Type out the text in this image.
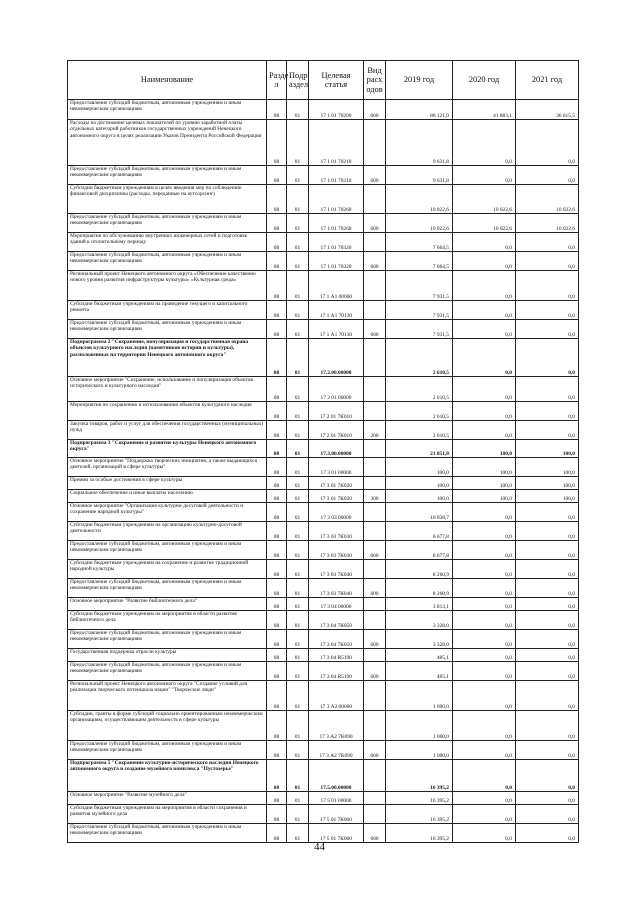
Наименование	Разде л	Подр аздел	Целевая статья	Вид расх одов	2019 год	2020 год	2021 год
Предоставление субсидий бюджетным, автономным учреждениям и иным некоммерческим организациям	08	01	17 1 01 70200	600	86 121,0	41 883,1	36 615,5
Расходы на достижение целевых показателей по уровню заработной платы отдельных категорий работников государственных учреждений Ненецкого автономного округа в целях реализации Указов Президента Российской Федерации	08	01	17 1 01 70210		9 631,8	0,0	0,0
Предоставление субсидий бюджетным, автономным учреждениям и иным некоммерческим организациям	08	01	17 1 01 70210	600	9 631,8	0,0	0,0
Субсидии бюджетным учреждениям в целях введения мер по соблюдению финансовой дисциплины (расходы, переданные на аутсорсинг)	08	01	17 1 01 70260		10 022,6	10 022,6	10 022,6
Предоставление субсидий бюджетным, автономным учреждениям и иным некоммерческим организациям	08	01	17 1 01 70260	600	10 022,6	10 022,6	10 022,6
Мероприятия по обслуживанию внутренних инженерных сетей и подготовке зданий к отопительному периоду	08	01	17 1 01 70320		7 664,5	0,0	0,0
Предоставление субсидий бюджетным, автономным учреждениям и иным некоммерческим организациям	08	01	17 1 01 70320	600	7 664,5	0,0	0,0
Региональный проект Ненецкого автономного округа «Обеспечение качественно нового уровня развития инфраструктуры культуры» «Культурная среда»	08	01	17 1 А1 00000		7 931,5	0,0	0,0
Субсидии бюджетным учреждениям на проведение текущего и капитального ремонта	08	01	17 1 А1 70130		7 931,5	0,0	0,0
Предоставление субсидий бюджетным, автономным учреждениям и иным некоммерческим организациям	08	01	17 1 А1 70130	600	7 931,5	0,0	0,0
Подпрограмма 2 "Сохранение, популяризация и государственная охрана объектов культурного наследия (памятников истории и культуры), расположенных на территории Ненецкого автономного округа"	08	01	17.2.00.00000		2 610,5	0,0	0,0
Основное мероприятие "Сохранение, использование и популяризация объектов исторического и культурного наследия"	08	01	17 2 01 00000		2 610,5	0,0	0,0
Мероприятия по сохранению и использованию объектов культурного наследия	08	01	17 2 01 7К010		2 610,5	0,0	0,0
Закупка товаров, работ и услуг для обеспечения государственных (муниципальных) нужд	08	01	17 2 01 7К010	200	2 610,5	0,0	0,0
Подпрограмма 3 "Сохранение и развитие культуры Ненецкого автономного округа"	08	01	17.3.00.00000		21 851,8	100,0	100,0
Основное мероприятие "Поддержка творческих инициатив, а также выдающихся деятелей, организаций в сфере культуры"	08	01	17 3 01 00000		100,0	100,0	100,0
Премии за особые достижения в сфере культуры	08	01	17 3 01 7К020		100,0	100,0	100,0
Социальное обеспечение и иные выплаты населению	08	01	17 3 01 7К020	300	100,0	100,0	100,0
Основное мероприятие "Организация культурно-досуговой деятельности и сохранение народной культуры"	08	01	17 3 03 00000		16 938,7	0,0	0,0
Субсидии бюджетным учреждениям на организацию культурно-досуговой деятельности	08	01	17 3 03 7К030		8 677,8	0,0	0,0
Предоставление субсидий бюджетным, автономным учреждениям и иным некоммерческим организациям	08	01	17 3 03 7К030	600	8 677,8	0,0	0,0
Субсидии бюджетным учреждениям на сохранение и развитие традиционной народной культуры	08	01	17 3 03 7К040		8 260,9	0,0	0,0
Предоставление субсидий бюджетным, автономным учреждениям и иным некоммерческим организациям	08	01	17 3 03 7К040	600	8 260,9	0,0	0,0
Основное мероприятие "Развитие библиотечного дела"	08	01	17 3 04 00000		3 813,1	0,0	0,0
Субсидии бюджетным учреждениям на мероприятия в области развития библиотечного дела	08	01	17 3 04 7К050		3 328,0	0,0	0,0
Предоставление субсидий бюджетным, автономным учреждениям и иным некоммерческим организациям	08	01	17 3 04 7К050	600	3 328,0	0,0	0,0
Государственная поддержка отрасли культуры	08	01	17 3 04 R5190		485,1	0,0	0,0
Предоставление субсидий бюджетным, автономным учреждениям и иным некоммерческим организациям	08	01	17 3 04 R5190	600	485,1	0,0	0,0
Региональный проект Ненецкого автономного округа "Создание условий для реализации творческого потенциала нации" "Творческие люди"	08	01	17 3 А2 00000		1 000,0	0,0	0,0
Субсидии, гранты в форме субсидий социально ориентированным некоммерческим организациям, осуществляющим деятельность в сфере культуры	08	01	17 3 А2 7К090		1 000,0	0,0	0,0
Предоставление субсидий бюджетным, автономным учреждениям и иным некоммерческим организациям	08	01	17 3 А2 7К090	600	1 000,0	0,0	0,0
Подпрограмма 5 "Сохранение культурно-исторического наследия Ненецкого автономного округа и создание музейного комплекса "Пустозерье"	08	01	17.5.00.00000		16 395,2	0,0	0,0
Основное мероприятие "Развитие музейного дела"	08	01	17 5 01 00000		16 395,2	0,0	0,0
Субсидии бюджетным учреждениям на мероприятия в области сохранения и развития музейного дела	08	01	17 5 01 7К060		16 395,2	0,0	0,0
Предоставление субсидий бюджетным, автономным учреждениям и иным некоммерческим организациям	08	01	17 5 01 7К060	600	16 395,2	0,0	0,0
44
